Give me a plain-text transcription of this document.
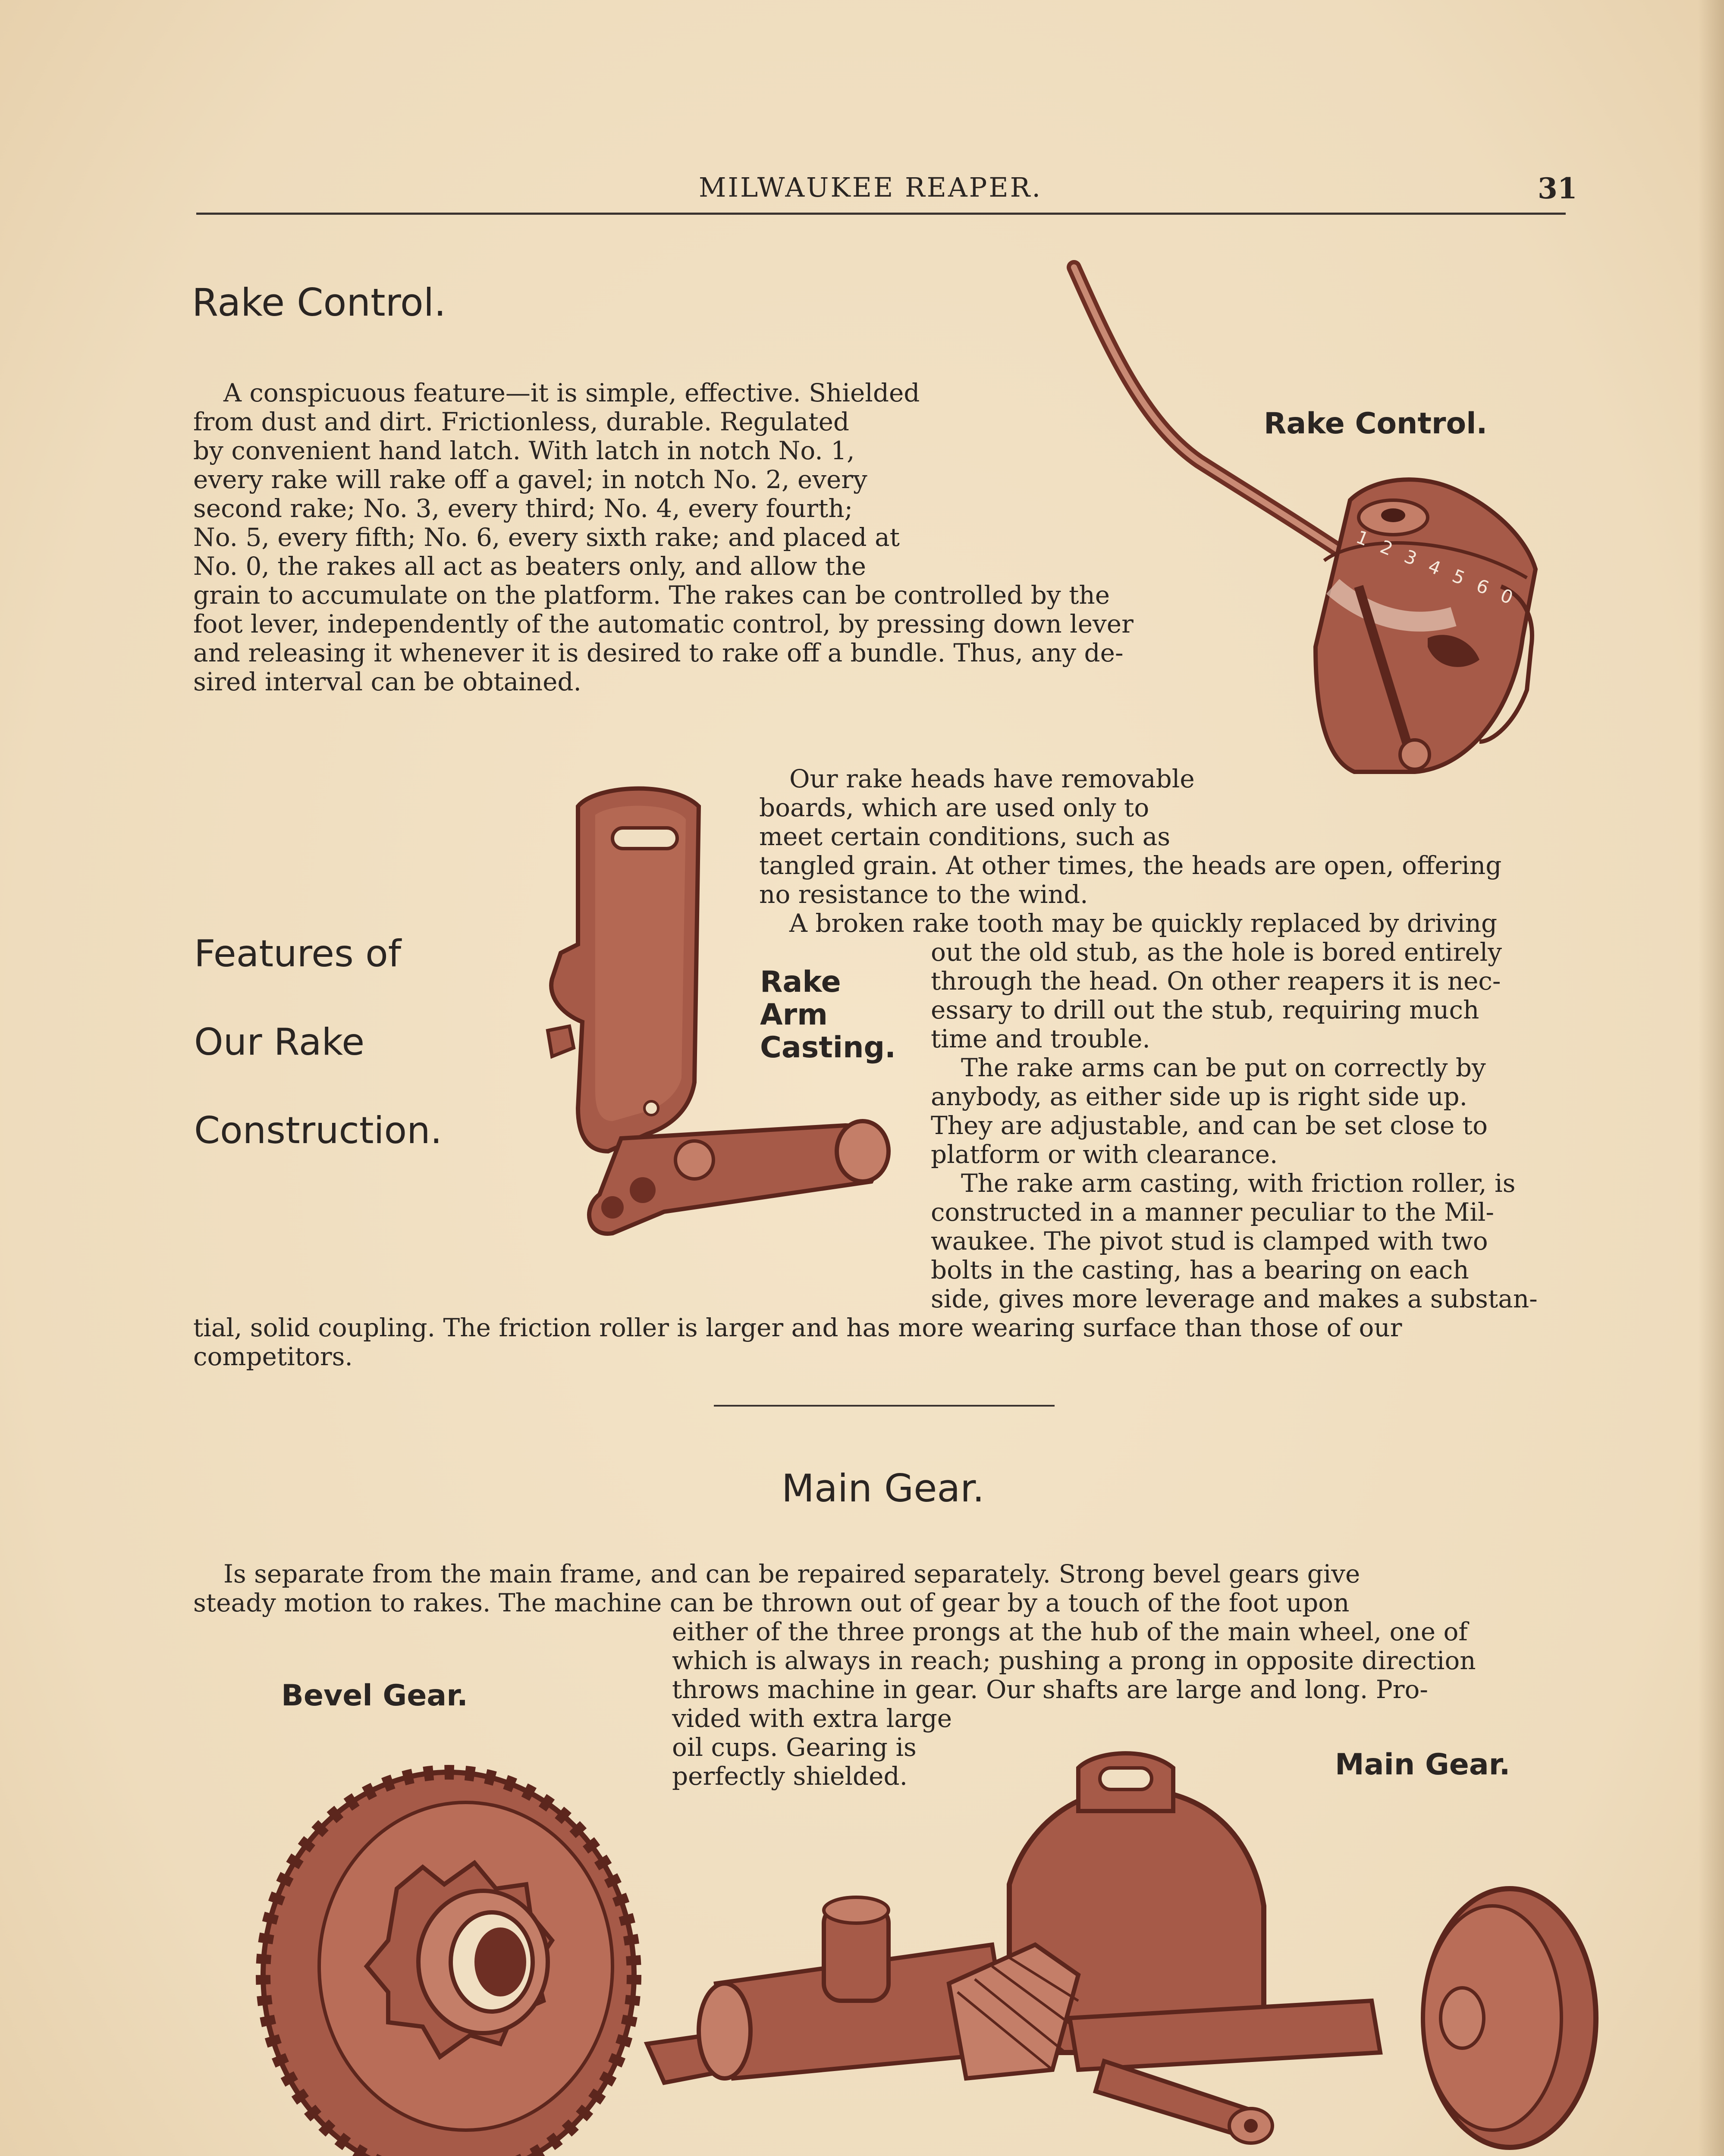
MILWAUKEE REAPER.	31
Rake Control.

A conspicuous feature—it is simple, effective. Shielded

from dust and dirt. Frictionless, durable. Regulated

by convenient hand latch. With latch in notch No. 1,

every rake will rake off a gavel; in notch No. 2, every

second rake; No. 3, every third; No. 4, every fourth;

No. 5, every fifth; No. 6, every sixth rake; and placed at

No. 0, the rakes all act as beaters only, and allow the

grain to accumulate on the platform. The rakes can be controlled by the

foot lever, independently of the automatic control, by pressing down lever

and releasing it whenever it is desired to rake off a bundle. Thus, any de-

sired interval can be obtained.

Rake Control.
1 2 3 4 5 6 0
Features of
Our Rake
Construction.
Rake
Arm
Casting.

Our rake heads have removable

boards, which are used only to

meet certain conditions, such as

tangled grain. At other times, the heads are open, offering

no resistance to the wind.

A broken rake tooth may be quickly replaced by driving

out the old stub, as the hole is bored entirely

through the head. On other reapers it is nec-

essary to drill out the stub, requiring much

time and trouble.

The rake arms can be put on correctly by

anybody, as either side up is right side up.

They are adjustable, and can be set close to

platform or with clearance.

The rake arm casting, with friction roller, is

constructed in a manner peculiar to the Mil-

waukee. The pivot stud is clamped with two

bolts in the casting, has a bearing on each

side, gives more leverage and makes a substan-

tial, solid coupling. The friction roller is larger and has more wearing surface than those of our

competitors.

Main Gear.

Is separate from the main frame, and can be repaired separately. Strong bevel gears give

steady motion to rakes. The machine can be thrown out of gear by a touch of the foot upon

either of the three prongs at the hub of the main wheel, one of

which is always in reach; pushing a prong in opposite direction

throws machine in gear. Our shafts are large and long. Pro-

vided with extra large

oil cups. Gearing is

perfectly shielded.

Bevel Gear.
Main Gear.
